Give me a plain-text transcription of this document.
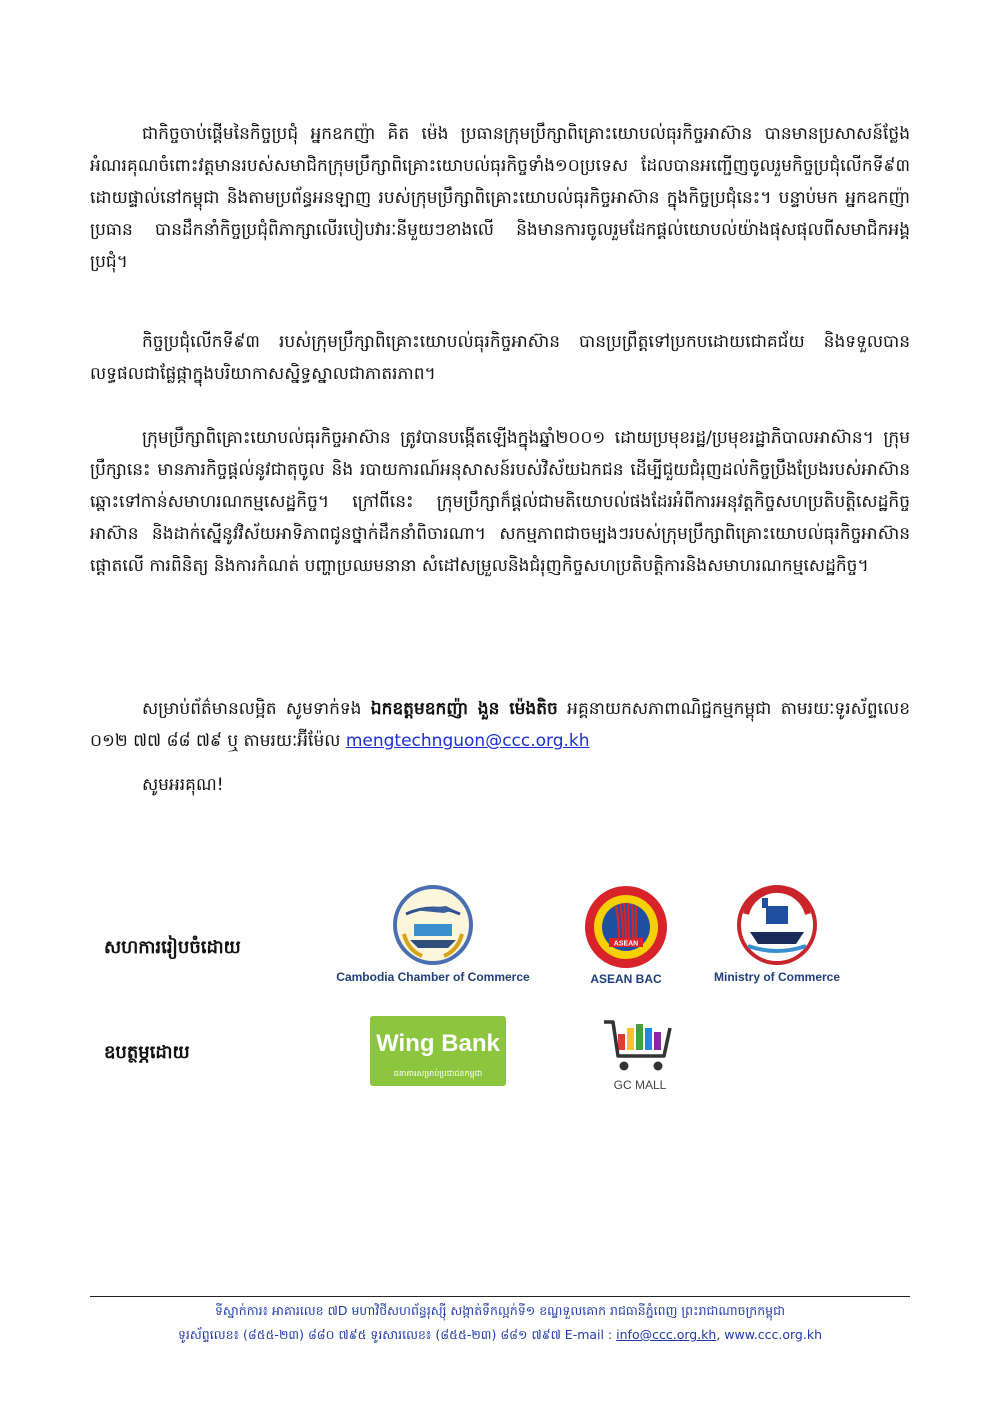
ជាកិច្ចចាប់ផ្តើមនៃកិច្ចប្រជុំ អ្នកឧកញ៉ា គិត ម៉េង ប្រធានក្រុមប្រឹក្សាពិគ្រោះយោបល់ធុរកិច្ចអាស៊ាន បានមានប្រសាសន៍ថ្លែងអំណរគុណចំពោះវត្តមានរបស់សមាជិកក្រុមប្រឹក្សាពិគ្រោះយោបល់ធុរកិច្ចទាំង១០ប្រទេស ដែលបានអញ្ជើញចូលរួមកិច្ចប្រជុំលើកទី៩៣ ដោយផ្ទាល់នៅកម្ពុជា និងតាមប្រព័ន្ធអនឡាញ របស់ក្រុមប្រឹក្សាពិគ្រោះយោបល់ធុរកិច្ចអាស៊ាន ក្នុងកិច្ចប្រជុំនេះ។ បន្ទាប់មក អ្នកឧកញ៉ា ប្រធាន បានដឹកនាំកិច្ចប្រជុំពិភាក្សាលើរបៀបវារៈនីមួយៗខាងលើ និងមានការចូលរួមដែកផ្តល់យោបល់យ៉ាងផុសផុលពីសមាជិកអង្គប្រជុំ។

កិច្ចប្រជុំលើកទី៩៣ របស់ក្រុមប្រឹក្សាពិគ្រោះយោបល់ធុរកិច្ចអាស៊ាន បានប្រព្រឹត្តទៅប្រកបដោយជោគជ័យ និងទទួលបានលទ្ធផលជាផ្លែផ្កាក្នុងបរិយាកាសស្និទ្ធស្នាលជាភាតរភាព។

ក្រុមប្រឹក្សាពិគ្រោះយោបល់ធុរកិច្ចអាស៊ាន ត្រូវបានបង្កើតឡើងក្នុងឆ្នាំ២០០១ ដោយប្រមុខរដ្ឋ/ប្រមុខរដ្ឋាភិបាលអាស៊ាន។ ក្រុមប្រឹក្សានេះ មានភារកិច្ចផ្តល់នូវជាតុចូល និង របាយការណ៍អនុសាសន៍របស់វិស័យឯកជន ដើម្បីជួយជំរុញដល់កិច្ចប្រឹងប្រែងរបស់អាស៊ានឆ្ពោះទៅកាន់សមាហរណកម្មសេដ្ឋកិច្ច។ ក្រៅពីនេះ ក្រុមប្រឹក្សាក៏ផ្តល់ជាមតិយោបល់ផងដែរអំពីការអនុវត្តកិច្ចសហប្រតិបត្តិសេដ្ឋកិច្ចអាស៊ាន និងដាក់ស្នើនូវវិស័យអាទិភាពជូនថ្នាក់ដឹកនាំពិចារណា។ សកម្មភាពជាចម្បងៗរបស់ក្រុមប្រឹក្សាពិគ្រោះយោបល់ធុរកិច្ចអាស៊ាន ផ្តោតលើ ការពិនិត្យ និងការកំណត់ បញ្ហាប្រឈមនានា សំដៅសម្រួលនិងជំរុញកិច្ចសហប្រតិបត្តិការនិងសមាហរណកម្មសេដ្ឋកិច្ច។

សម្រាប់ព័ត៌មានលម្អិត សូមទាក់ទង ឯកឧត្តមឧកញ៉ា ងួន ម៉េងតិច អគ្គនាយកសភាពាណិជ្ជកម្មកម្ពុជា តាមរយៈទូរស័ព្ទលេខ ០១២ ៧៧ ៨៨ ៧៩ ឬ តាមរយៈអ៊ីម៉ែល mengtechnguon@ccc.org.kh

សូមអរគុណ!
សហការរៀបចំដោយ
ឧបត្ថម្ភដោយ
Cambodia Chamber of Commerce
ASEAN
ASEAN BAC	Ministry of Commerce
Wing Bank
ធនាគារសម្រាប់ប្រជាជនកម្ពុជា
GC MALL
ទីស្នាក់ការ៖ អាគារលេខ ៧D មហាវិថីសហព័ន្ធរុស្ស៊ី សង្កាត់ទឹកល្អក់ទី១ ខណ្ឌទួលគោក រាជធានីភ្នំពេញ ព្រះរាជាណាចក្រកម្ពុជា
ទូរស័ព្ទលេខ៖ (៨៥៥-២៣) ៨៨០ ៧៩៥ ទូរសារលេខ៖ (៨៥៥-២៣) ៨៨១ ៧៩៧ E-mail : info@ccc.org.kh, www.ccc.org.kh
